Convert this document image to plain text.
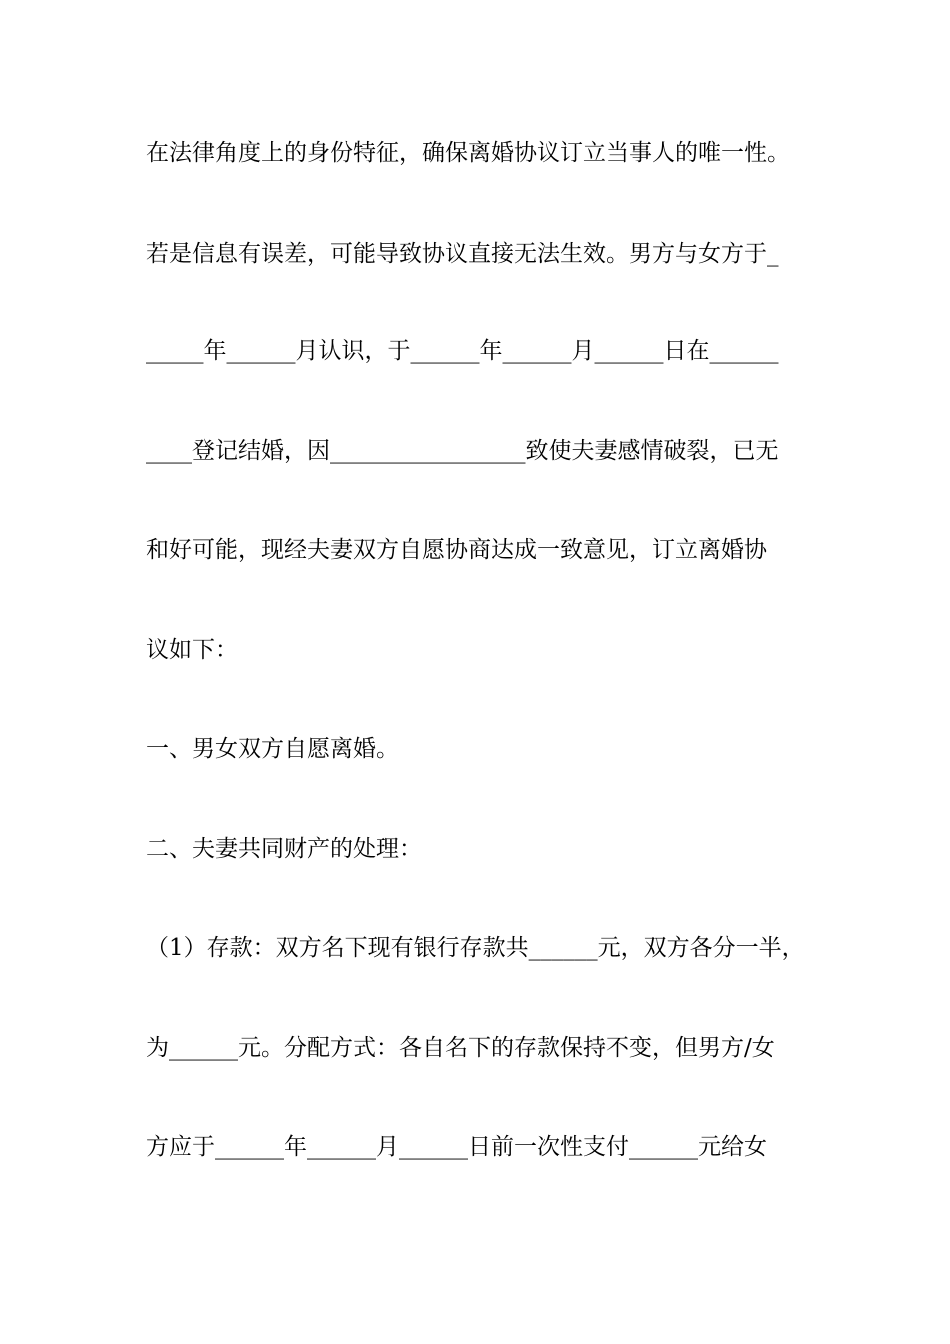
在法律角度上的身份特征，确保离婚协议订立当事人的唯一性。
若是信息有误差，可能导致协议直接无法生效。男方与女方于_
_____年______月认识，于______年______月______日在______
____登记结婚，因_________________致使夫妻感情破裂，已无
和好可能，现经夫妻双方自愿协商达成一致意见，订立离婚协
议如下：
一、男女双方自愿离婚。
二、夫妻共同财产的处理：
（1）存款：双方名下现有银行存款共______元，双方各分一半，
为______元。分配方式：各自名下的存款保持不变，但男方/女
方应于______年______月______日前一次性支付______元给女
